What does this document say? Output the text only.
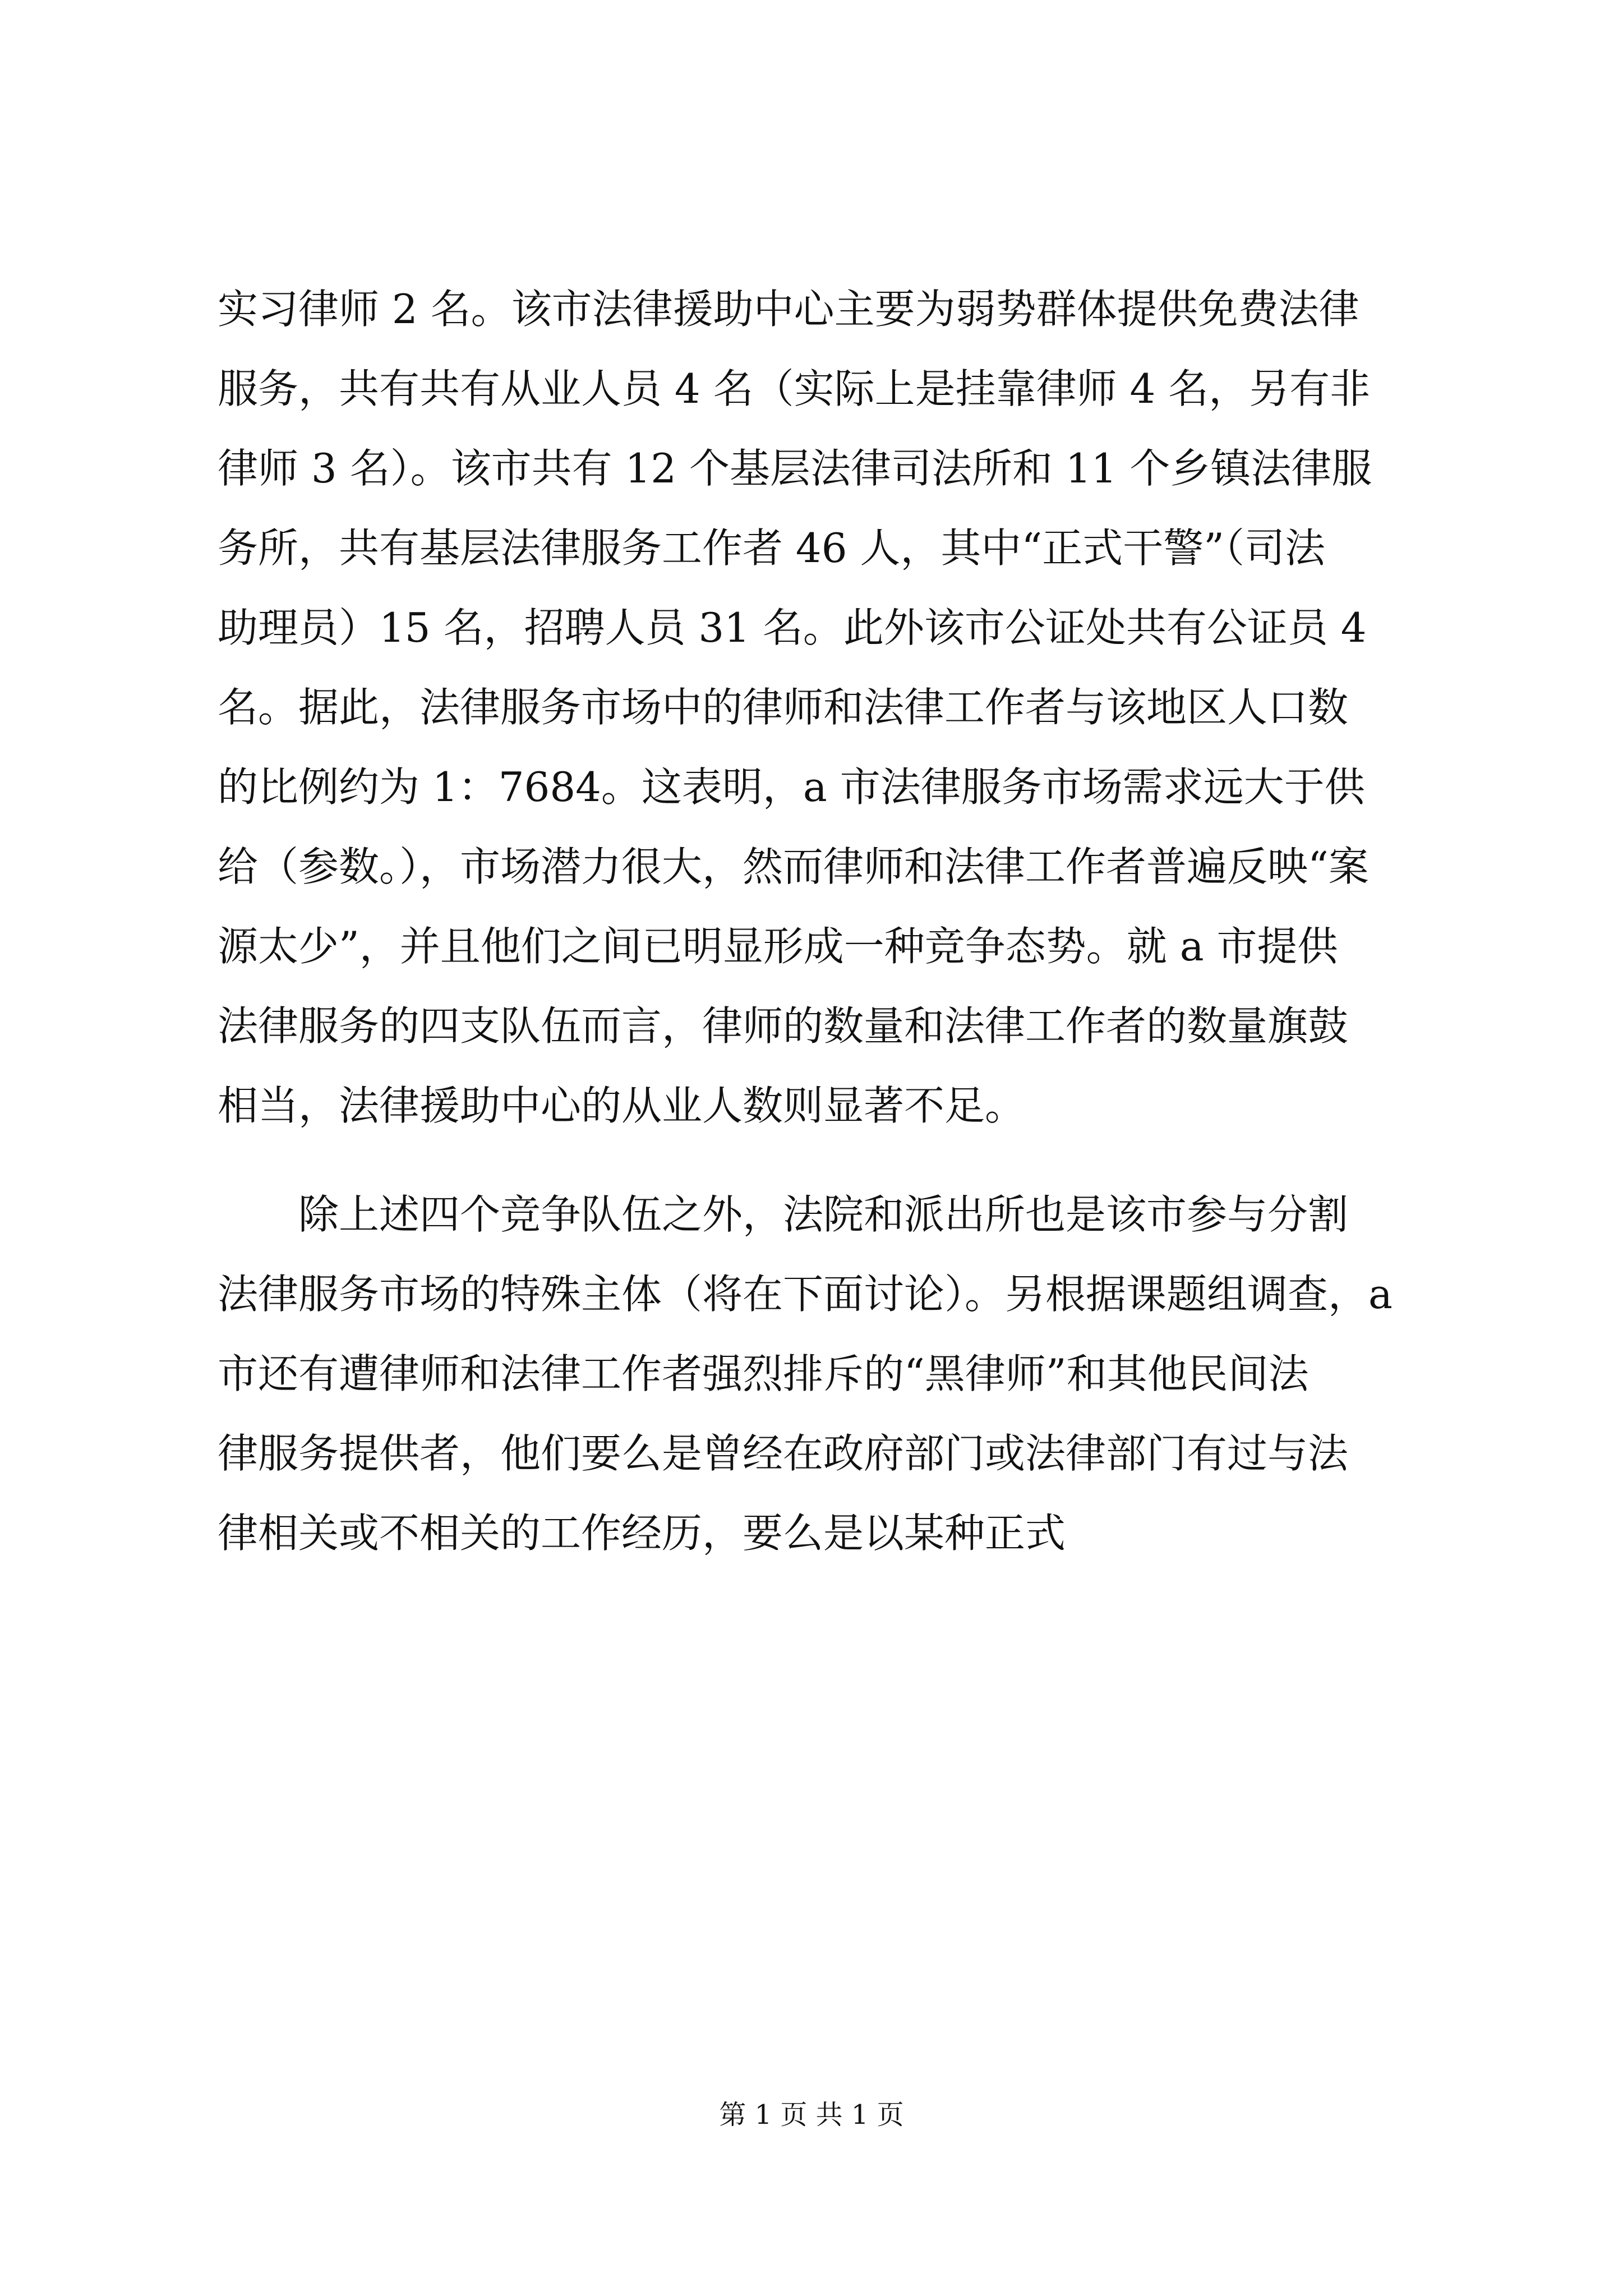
实习律师 2 名。该市法律援助中心主要为弱势群体提供免费法律
服务，共有共有从业人员 4 名（实际上是挂靠律师 4 名，另有非
律师 3 名）。该市共有 12 个基层法律司法所和 11 个乡镇法律服
务所，共有基层法律服务工作者 46 人，其中“正式干警”（司法
助理员）15 名，招聘人员 31 名。此外该市公证处共有公证员 4
名。据此，法律服务市场中的律师和法律工作者与该地区人口数
的比例约为 1：7684。这表明，a 市法律服务市场需求远大于供
给（参数。），市场潜力很大，然而律师和法律工作者普遍反映“案
源太少”，并且他们之间已明显形成一种竞争态势。就 a 市提供
法律服务的四支队伍而言，律师的数量和法律工作者的数量旗鼓
相当，法律援助中心的从业人数则显著不足。
　　除上述四个竞争队伍之外，法院和派出所也是该市参与分割
法律服务市场的特殊主体（将在下面讨论）。另根据课题组调查，a
市还有遭律师和法律工作者强烈排斥的“黑律师”和其他民间法
律服务提供者，他们要么是曾经在政府部门或法律部门有过与法
律相关或不相关的工作经历，要么是以某种正式
第 1 页 共 1 页
